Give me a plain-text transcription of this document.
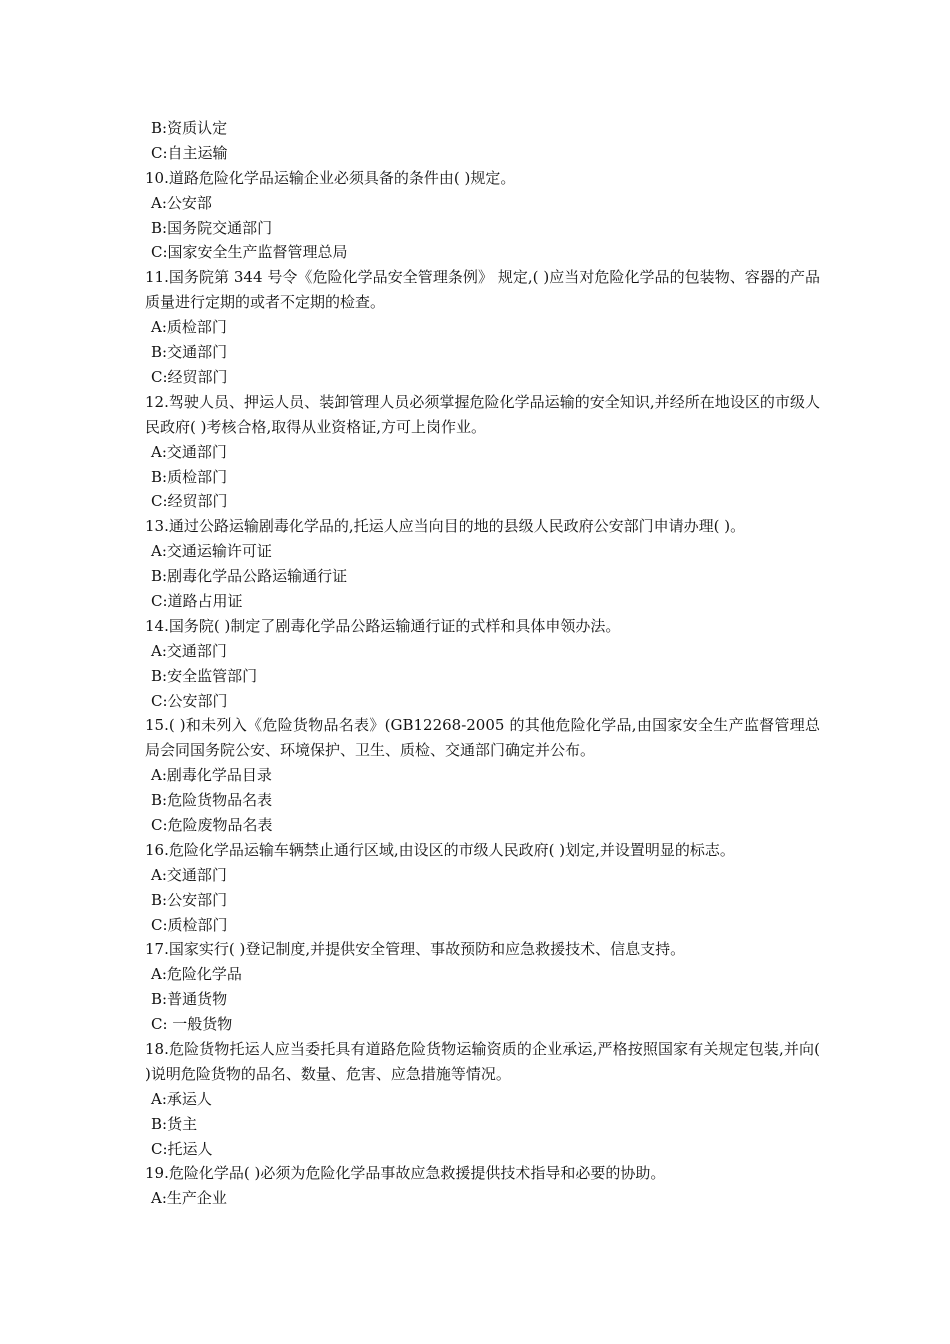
B:资质认定
C:自主运输
10.道路危险化学品运输企业必须具备的条件由( )规定。
A:公安部
B:国务院交通部门
C:国家安全生产监督管理总局
11.国务院第 344 号令《危险化学品安全管理条例》 规定,( )应当对危险化学品的包装物、容器的产品质量进行定期的或者不定期的检查。
A:质检部门
B:交通部门
C:经贸部门
12.驾驶人员、押运人员、装卸管理人员必须掌握危险化学品运输的安全知识,并经所在地设区的市级人民政府( )考核合格,取得从业资格证,方可上岗作业。
A:交通部门
B:质检部门
C:经贸部门
13.通过公路运输剧毒化学品的,托运人应当向目的地的县级人民政府公安部门申请办理( )。
A:交通运输许可证
B:剧毒化学品公路运输通行证
C:道路占用证
14.国务院( )制定了剧毒化学品公路运输通行证的式样和具体申领办法。
A:交通部门
B:安全监管部门
C:公安部门
15.( )和未列入《危险货物品名表》(GB12268-2005 的其他危险化学品,由国家安全生产监督管理总局会同国务院公安、环境保护、卫生、质检、交通部门确定并公布。
A:剧毒化学品目录
B:危险货物品名表
C:危险废物品名表
16.危险化学品运输车辆禁止通行区域,由设区的市级人民政府( )划定,并设置明显的标志。
A:交通部门
B:公安部门
C:质检部门
17.国家实行( )登记制度,并提供安全管理、事故预防和应急救援技术、信息支持。
A:危险化学品
B:普通货物
C: 一般货物
18.危险货物托运人应当委托具有道路危险货物运输资质的企业承运,严格按照国家有关规定包装,并向( )说明危险货物的品名、数量、危害、应急措施等情况。
A:承运人
B:货主
C:托运人
19.危险化学品( )必须为危险化学品事故应急救援提供技术指导和必要的协助。
A:生产企业
